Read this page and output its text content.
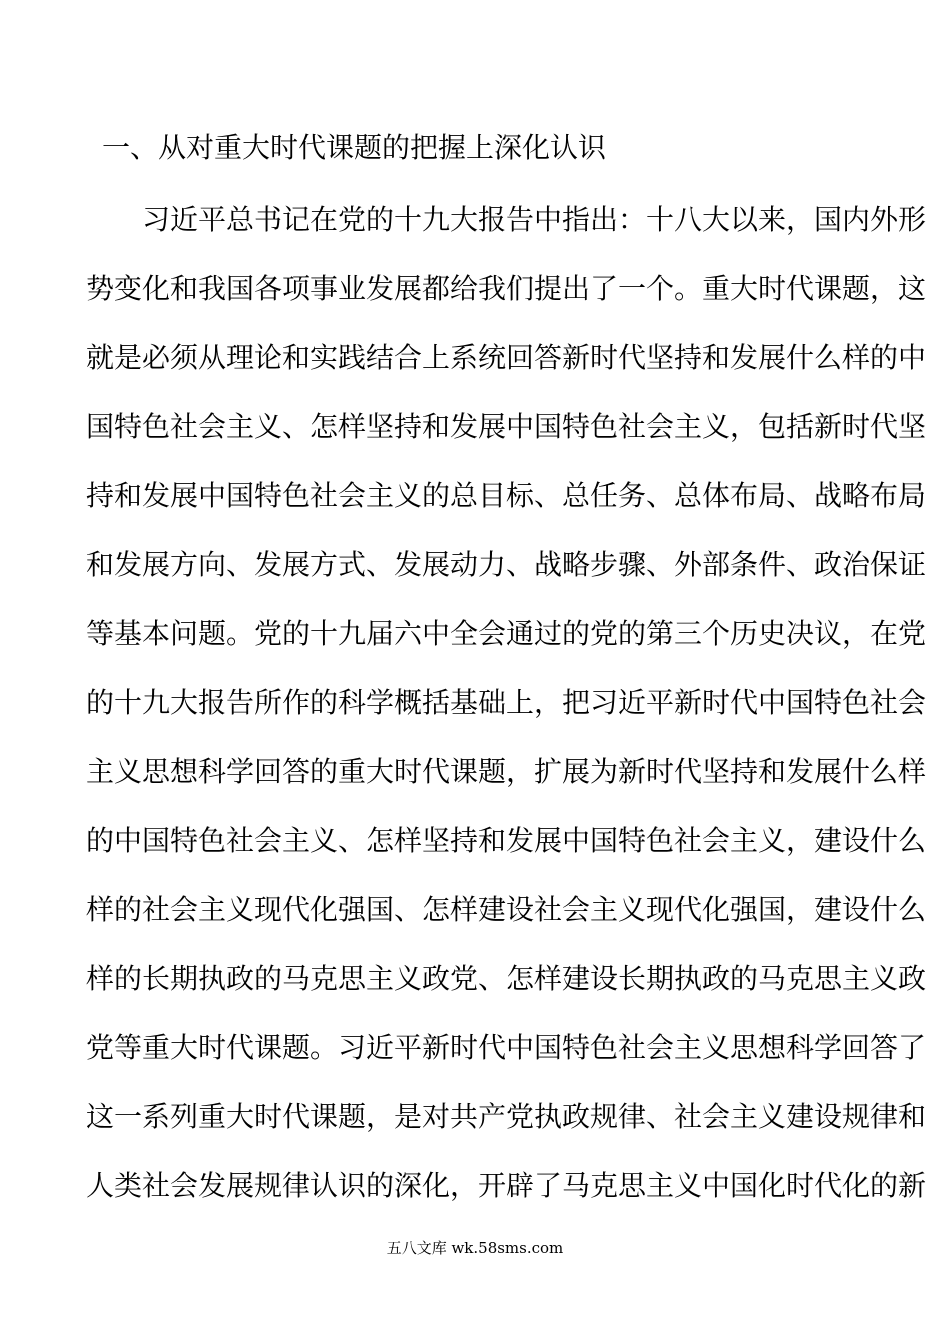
一、从对重大时代课题的把握上深化认识
习近平总书记在党的十九大报告中指出：十八大以来，国内外形
势变化和我国各项事业发展都给我们提出了一个。重大时代课题，这
就是必须从理论和实践结合上系统回答新时代坚持和发展什么样的中
国特色社会主义、怎样坚持和发展中国特色社会主义，包括新时代坚
持和发展中国特色社会主义的总目标、总任务、总体布局、战略布局
和发展方向、发展方式、发展动力、战略步骤、外部条件、政治保证
等基本问题。党的十九届六中全会通过的党的第三个历史决议，在党
的十九大报告所作的科学概括基础上，把习近平新时代中国特色社会
主义思想科学回答的重大时代课题，扩展为新时代坚持和发展什么样
的中国特色社会主义、怎样坚持和发展中国特色社会主义，建设什么
样的社会主义现代化强国、怎样建设社会主义现代化强国，建设什么
样的长期执政的马克思主义政党、怎样建设长期执政的马克思主义政
党等重大时代课题。习近平新时代中国特色社会主义思想科学回答了
这一系列重大时代课题，是对共产党执政规律、社会主义建设规律和
人类社会发展规律认识的深化，开辟了马克思主义中国化时代化的新
五八文库 wk.58sms.com
